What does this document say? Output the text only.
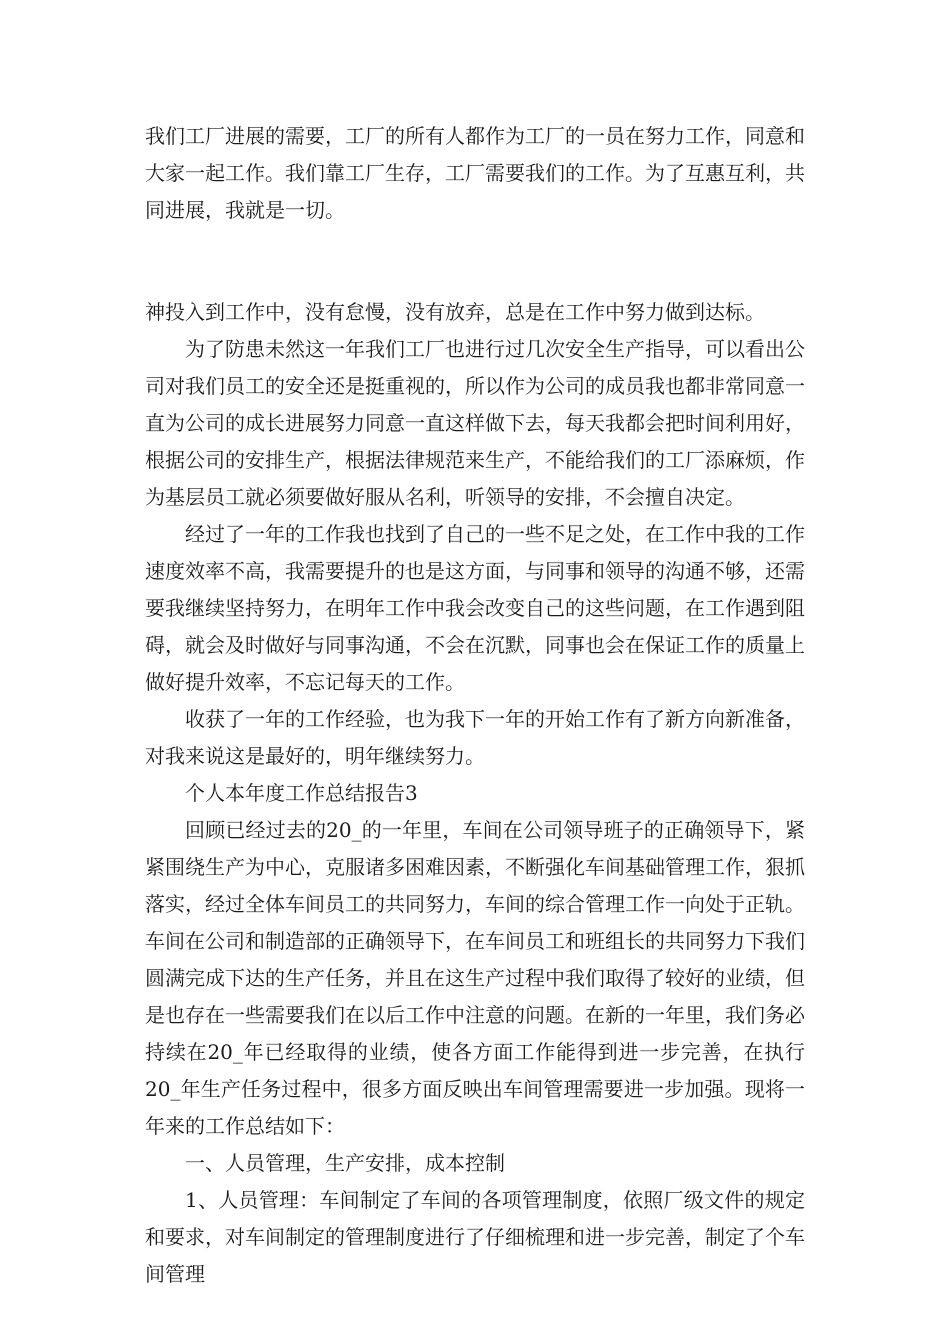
我们工厂进展的需要，工厂的所有人都作为工厂的一员在努力工作，同意和大家一起工作。我们靠工厂生存，工厂需要我们的工作。为了互惠互利，共同进展，我就是一切。

神投入到工作中，没有怠慢，没有放弃，总是在工作中努力做到达标。

为了防患未然这一年我们工厂也进行过几次安全生产指导，可以看出公司对我们员工的安全还是挺重视的，所以作为公司的成员我也都非常同意一直为公司的成长进展努力同意一直这样做下去，每天我都会把时间利用好，根据公司的安排生产，根据法律规范来生产，不能给我们的工厂添麻烦，作为基层员工就必须要做好服从名利，听领导的安排，不会擅自决定。

经过了一年的工作我也找到了自己的一些不足之处，在工作中我的工作速度效率不高，我需要提升的也是这方面，与同事和领导的沟通不够，还需要我继续坚持努力，在明年工作中我会改变自己的这些问题，在工作遇到阻碍，就会及时做好与同事沟通，不会在沉默，同事也会在保证工作的质量上做好提升效率，不忘记每天的工作。

收获了一年的工作经验，也为我下一年的开始工作有了新方向新准备，对我来说这是最好的，明年继续努力。

个人本年度工作总结报告3

回顾已经过去的20_的一年里，车间在公司领导班子的正确领导下，紧紧围绕生产为中心，克服诸多困难因素，不断强化车间基础管理工作，狠抓落实，经过全体车间员工的共同努力，车间的综合管理工作一向处于正轨。车间在公司和制造部的正确领导下，在车间员工和班组长的共同努力下我们圆满完成下达的生产任务，并且在这生产过程中我们取得了较好的业绩，但是也存在一些需要我们在以后工作中注意的问题。在新的一年里，我们务必持续在20_年已经取得的业绩，使各方面工作能得到进一步完善，在执行20_年生产任务过程中，很多方面反映出车间管理需要进一步加强。现将一年来的工作总结如下：

一、人员管理，生产安排，成本控制

1、人员管理：车间制定了车间的各项管理制度，依照厂级文件的规定和要求，对车间制定的管理制度进行了仔细梳理和进一步完善，制定了个车间管理
